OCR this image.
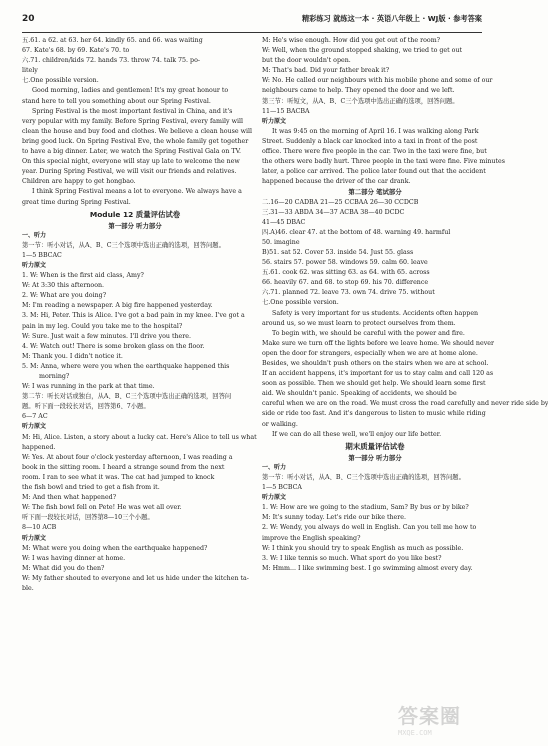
20	精彩练习 就练这一本 · 英语八年级上 · WJ版 · 参考答案
五.61. a 62. at 63. her 64. kindly 65. and 66. was waiting
67. Kate's 68. by 69. Kate's 70. to
六.71. children/kids 72. hands 73. throw 74. talk 75. po-
litely
七.One possible version.
Good morning, ladies and gentlemen! It's my great honour to
stand here to tell you something about our Spring Festival.
Spring Festival is the most important festival in China, and it's
very popular with my family. Before Spring Festival, every family will
clean the house and buy food and clothes. We believe a clean house will
bring good luck. On Spring Festival Eve, the whole family get together
to have a big dinner. Later, we watch the Spring Festival Gala on TV.
On this special night, everyone will stay up late to welcome the new
year. During Spring Festival, we will visit our friends and relatives.
Children are happy to get hongbao.
I think Spring Festival means a lot to everyone. We always have a
great time during Spring Festival.
Module 12 质量评估试卷
第一部分 听力部分
一、听力
第一节：听小对话，从A、B、C三个选项中选出正确的选项，回答问题。
1—5 BBCAC
听力原文
1. W: When is the first aid class, Amy?
W: At 3:30 this afternoon.
2. W: What are you doing?
M: I'm reading a newspaper. A big fire happened yesterday.
3. M: Hi, Peter. This is Alice. I've got a bad pain in my knee. I've got a
pain in my leg. Could you take me to the hospital?
W: Sure. Just wait a few minutes. I'll drive you there.
4. W: Watch out! There is some broken glass on the floor.
M: Thank you. I didn't notice it.
5. M: Anna, where were you when the earthquake happened this
morning?
W: I was running in the park at that time.
第二节：听长对话或独白，从A、B、C三个选项中选出正确的选项，回答问
题。听下面一段较长对话，回答第6、7小题。
6—7 AC
听力原文
M: Hi, Alice. Listen, a story about a lucky cat. Here's Alice to tell us what
happened.
W: Yes. At about four o'clock yesterday afternoon, I was reading a
book in the sitting room. I heard a strange sound from the next
room. I ran to see what it was. The cat had jumped to knock
the fish bowl and tried to get a fish from it.
M: And then what happened?
W: The fish bowl fell on Pete! He was wet all over.
听下面一段较长对话，回答第8—10三个小题。
8—10 ACB
听力原文
M: What were you doing when the earthquake happened?
W: I was having dinner at home.
M: What did you do then?
W: My father shouted to everyone and let us hide under the kitchen ta-
ble.
M: He's wise enough. How did you get out of the room?
W: Well, when the ground stopped shaking, we tried to get out
but the door wouldn't open.
M: That's bad. Did your father break it?
W: No. He called our neighbours with his mobile phone and some of our
neighbours came to help. They opened the door and we left.
第三节：听短文，从A、B、C三个选项中选出正确的选项，回答问题。
11—15 BACBA
听力原文
It was 9:45 on the morning of April 16. I was walking along Park
Street. Suddenly a black car knocked into a taxi in front of the post
office. There were five people in the car. Two in the taxi were fine, but
the others were badly hurt. Three people in the taxi were fine. Five minutes
later, a police car arrived. The police later found out that the accident
happened because the driver of the car drank.
第二部分 笔试部分
二.16—20 CADBA 21—25 CCBAA 26—30 CCDCB
三.31—33 ABDA 34—37 ACBA 38—40 DCDC
41—45 DBAC
四.A)46. clear 47. at the bottom of 48. warning 49. harmful
50. imagine
B)51. sat 52. Cover 53. inside 54. Just 55. glass
56. stairs 57. power 58. windows 59. calm 60. leave
五.61. cook 62. was sitting 63. as 64. with 65. across
66. heavily 67. and 68. to stop 69. his 70. difference
六.71. planned 72. leave 73. own 74. drive 75. without
七.One possible version.
Safety is very important for us students. Accidents often happen
around us, so we must learn to protect ourselves from them.
To begin with, we should be careful with the power and fire.
Make sure we turn off the lights before we leave home. We should never
open the door for strangers, especially when we are at home alone.
Besides, we shouldn't push others on the stairs when we are at school.
If an accident happens, it's important for us to stay calm and call 120 as
soon as possible. Then we should get help. We should learn some first
aid. We shouldn't panic. Speaking of accidents, we should be
careful when we are on the road. We must cross the road carefully and never ride side by
side or ride too fast. And it's dangerous to listen to music while riding
or walking.
If we can do all these well, we'll enjoy our life better.
期末质量评估试卷
第一部分 听力部分
一、听力
第一节：听小对话，从A、B、C三个选项中选出正确的选项，回答问题。
1—5 BCBCA
听力原文
1. W: How are we going to the stadium, Sam? By bus or by bike?
M: It's sunny today. Let's ride our bike there.
2. W: Wendy, you always do well in English. Can you tell me how to
improve the English speaking?
W: I think you should try to speak English as much as possible.
3. W: I like tennis so much. What sport do you like best?
M: Hmm... I like swimming best. I go swimming almost every day.
答案圈
MXQE.COM
